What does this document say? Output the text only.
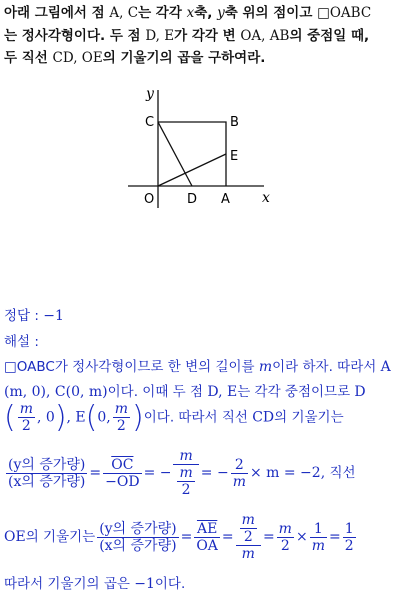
아래 그림에서 점 A, C는 각각 x축, y축 위의 점이고 □OABC
는 정사각형이다. 두 점 D, E가 각각 변 OA, AB의 중점일 때,
두 직선 CD, OE의 기울기의 곱을 구하여라.
y
x
C	B
E
O	D A
정답 : −1
해설 :
□OABC가 정사각형이므로 한 변의 길이를 m이라 하자. 따라서 A
(m, 0), C(0, m)이다. 이때 두 점 D, E는 각각 중점이므로 D
( $\frac{m}{2}$ , 0), E(0, $\frac{m}{2}$ )이다. 따라서 직선 CD의 기울기는
$\frac{\text{(y의 증가량)}}{\text{(x의 증가량)}} = \frac{\overline{OC}}{-OD}$ = − m
m
2 = − $\frac{2}{m} \times m = -2$, 직선
OE의 기울기는 $\frac{\text{(y의 증가량)}}{\text{(x의 증가량)}} = \frac{\overline{AE}}{OA} = \frac{\frac{m}{2}}{m} = \frac{m}{2} \times \frac{1}{m} = \frac{1}{2}$
따라서 기울기의 곱은 −1이다.
